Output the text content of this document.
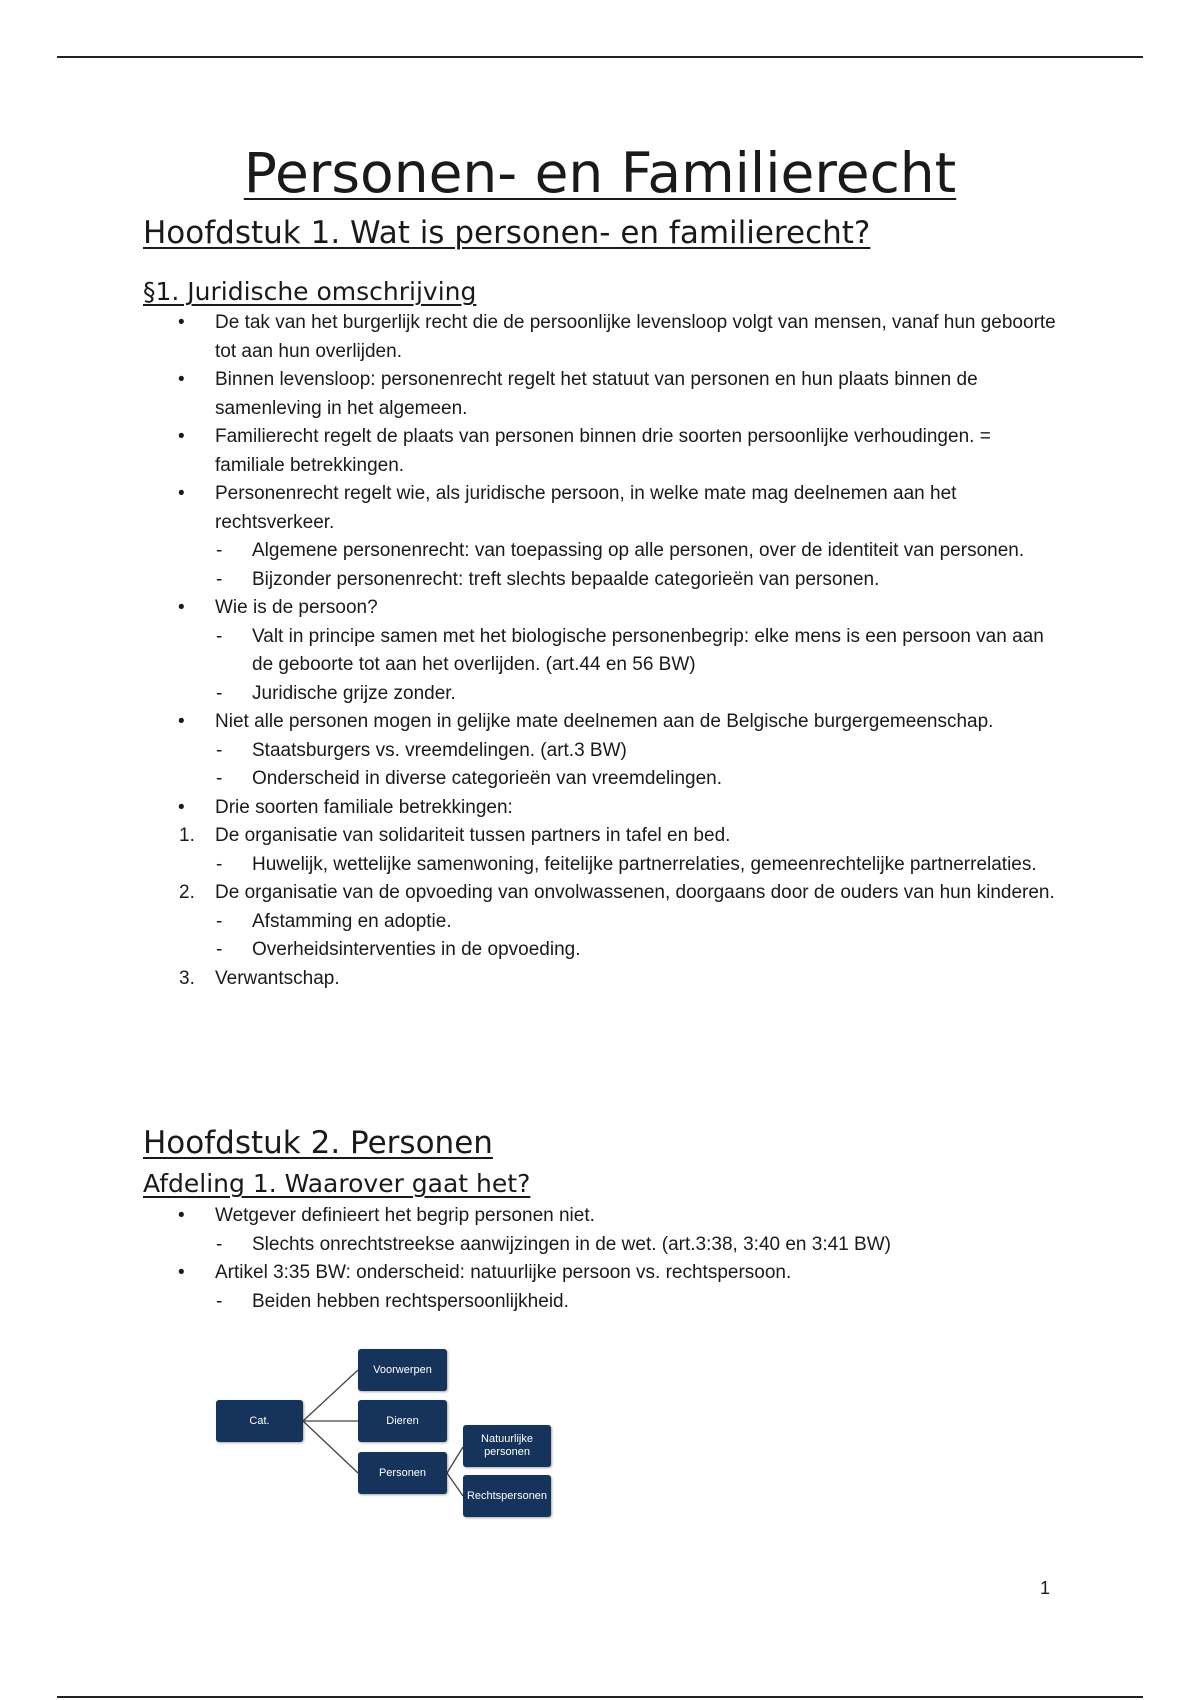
Personen- en Familierecht
Hoofdstuk 1. Wat is personen- en familierecht?
§1. Juridische omschrijving
• De tak van het burgerlijk recht die de persoonlijke levensloop volgt van mensen, vanaf hun geboorte tot aan hun overlijden.
• Binnen levensloop: personenrecht regelt het statuut van personen en hun plaats binnen de samenleving in het algemeen.
• Familierecht regelt de plaats van personen binnen drie soorten persoonlijke verhoudingen. = familiale betrekkingen.
• Personenrecht regelt wie, als juridische persoon, in welke mate mag deelnemen aan het rechtsverkeer.
- Algemene personenrecht: van toepassing op alle personen, over de identiteit van personen.
- Bijzonder personenrecht: treft slechts bepaalde categorieën van personen.
• Wie is de persoon?
- Valt in principe samen met het biologische personenbegrip: elke mens is een persoon van aan de geboorte tot aan het overlijden. (art.44 en 56 BW)
- Juridische grijze zonder.
• Niet alle personen mogen in gelijke mate deelnemen aan de Belgische burgergemeenschap.
- Staatsburgers vs. vreemdelingen. (art.3 BW)
- Onderscheid in diverse categorieën van vreemdelingen.
• Drie soorten familiale betrekkingen:
1. De organisatie van solidariteit tussen partners in tafel en bed.
- Huwelijk, wettelijke samenwoning, feitelijke partnerrelaties, gemeenrechtelijke partnerrelaties.
2. De organisatie van de opvoeding van onvolwassenen, doorgaans door de ouders van hun kinderen.
- Afstamming en adoptie.
- Overheidsinterventies in de opvoeding.
3. Verwantschap.
Hoofdstuk 2. Personen
Afdeling 1. Waarover gaat het?
• Wetgever definieert het begrip personen niet.
- Slechts onrechtstreekse aanwijzingen in de wet. (art.3:38, 3:40 en 3:41 BW)
• Artikel 3:35 BW: onderscheid: natuurlijke persoon vs. rechtspersoon.
- Beiden hebben rechtspersoonlijkheid.
Cat.
Voorwerpen
Dieren
Personen
Natuurlijke personen
Rechtspersonen
1
